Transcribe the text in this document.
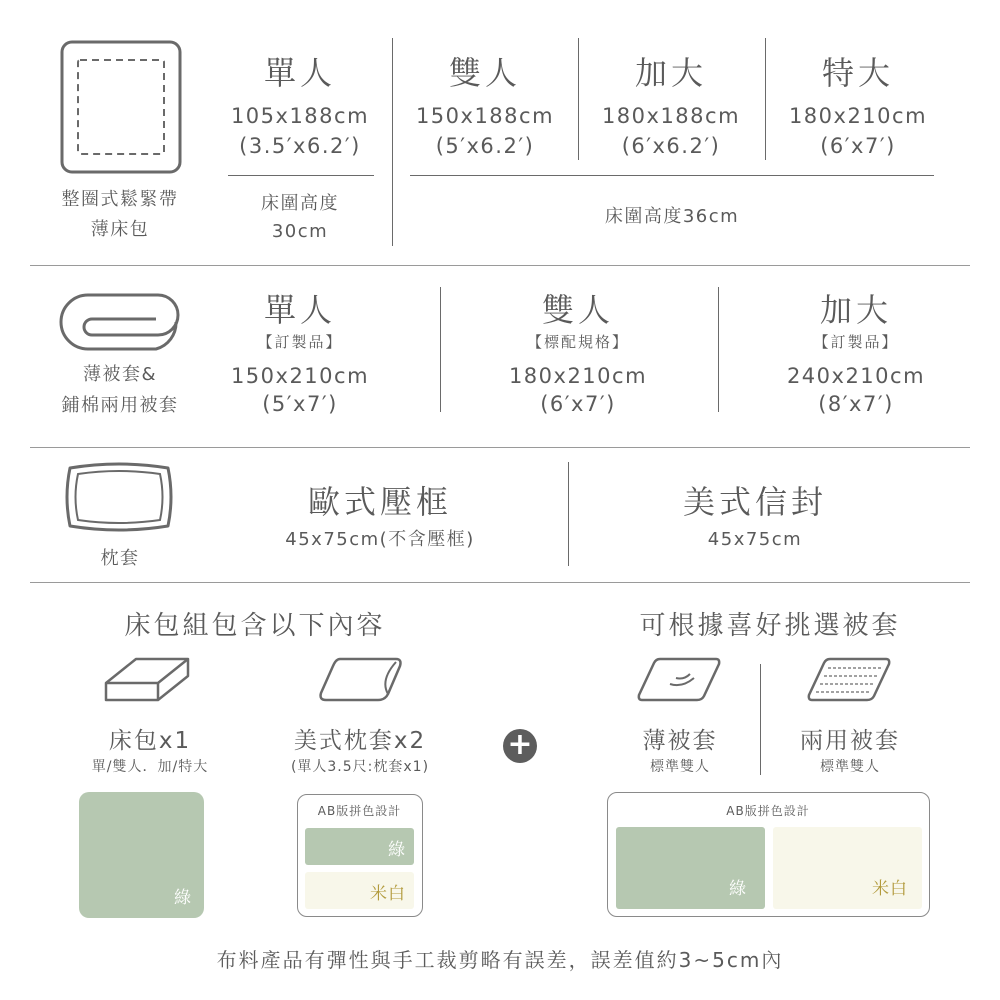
整圈式鬆緊帶
薄床包
單人
105x188cm
(3.5′x6.2′)
雙人
150x188cm
(5′x6.2′)
加大
180x188cm
(6′x6.2′)
特大
180x210cm
(6′x7′)
床圍高度
30cm
床圍高度36cm
薄被套&
鋪棉兩用被套
單人
【訂製品】
150x210cm
(5′x7′)
雙人
【標配規格】
180x210cm
(6′x7′)
加大
【訂製品】
240x210cm
(8′x7′)
枕套
歐式壓框
45x75cm(不含壓框)
美式信封
45x75cm
床包組包含以下內容
床包x1
單/雙人．加/特大
美式枕套x2
(單人3.5尺:枕套x1)
綠
AB版拼色設計
綠
米白
+
可根據喜好挑選被套
薄被套
標準雙人
兩用被套
標準雙人
AB版拼色設計
綠	米白
布料產品有彈性與手工裁剪略有誤差，誤差值約3~5cm內
